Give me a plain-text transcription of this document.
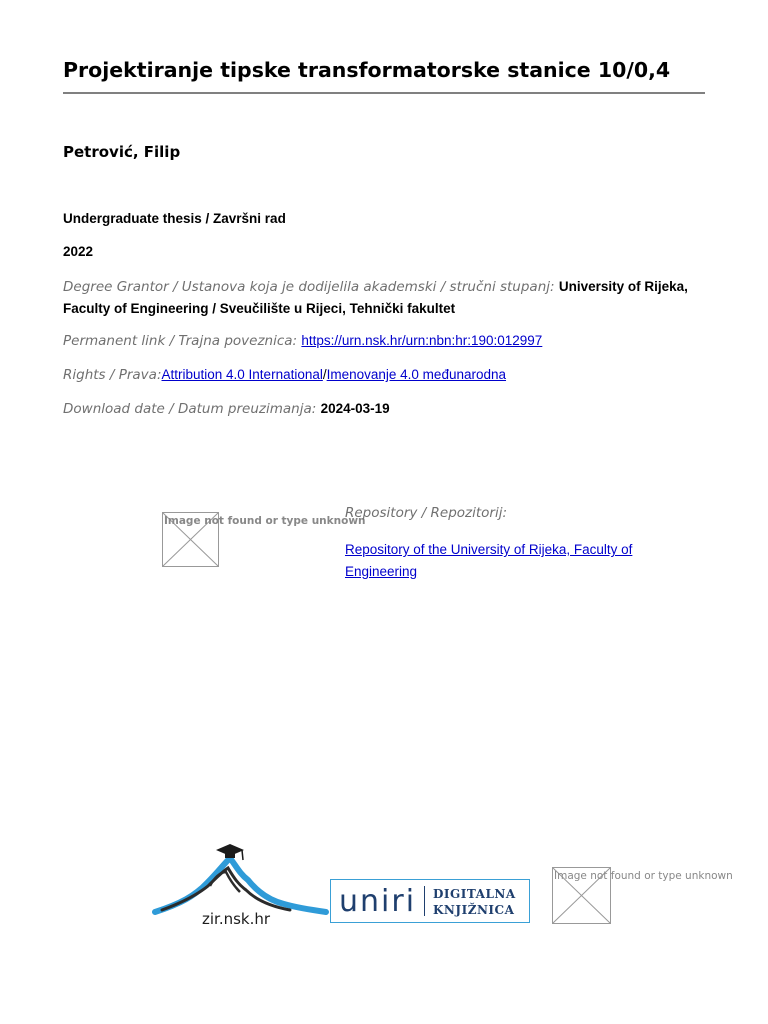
Projektiranje tipske transformatorske stanice 10/0,4
Petrović, Filip
Undergraduate thesis / Završni rad
2022
Degree Grantor / Ustanova koja je dodijelila akademski / stručni stupanj: University of Rijeka, Faculty of Engineering / Sveučilište u Rijeci, Tehnički fakultet
Permanent link / Trajna poveznica: https://urn.nsk.hr/urn:nbn:hr:190:012997
Rights / Prava:Attribution 4.0 International/Imenovanje 4.0 međunarodna
Download date / Datum preuzimanja: 2024-03-19
Image not found or type unknown
Repository / Repozitorij:
Repository of the University of Rijeka, Faculty of Engineering
zir.nsk.hr uniri DIGITALNA
KNJIŽNICA
Image not found or type unknown
